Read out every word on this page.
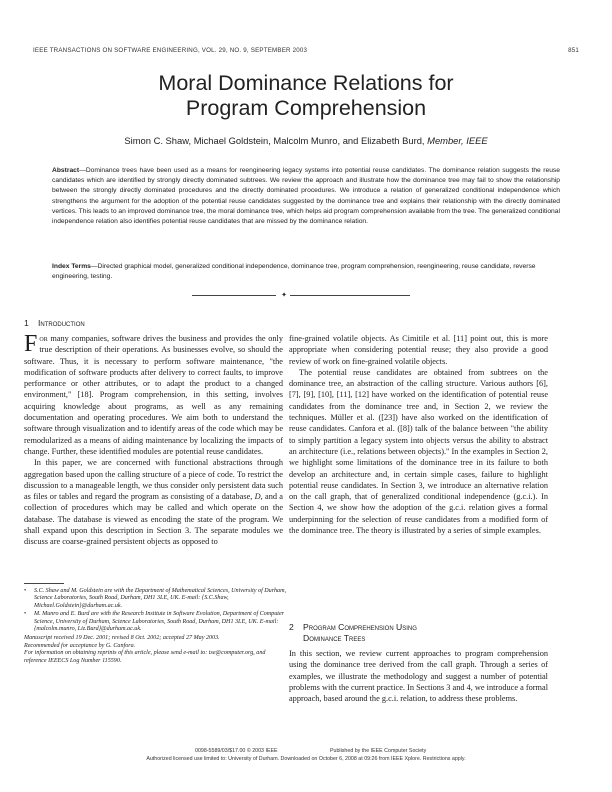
IEEE TRANSACTIONS ON SOFTWARE ENGINEERING, VOL. 29, NO. 9, SEPTEMBER 2003	851
Moral Dominance Relations for
Program Comprehension
Simon C. Shaw, Michael Goldstein, Malcolm Munro, and Elizabeth Burd, Member, IEEE
Abstract—Dominance trees have been used as a means for reengineering legacy systems into potential reuse candidates. The dominance relation suggests the reuse candidates which are identified by strongly directly dominated subtrees. We review the approach and illustrate how the dominance tree may fail to show the relationship between the strongly directly dominated procedures and the directly dominated procedures. We introduce a relation of generalized conditional independence which strengthens the argument for the adoption of the potential reuse candidates suggested by the dominance tree and explains their relationship with the directly dominated vertices. This leads to an improved dominance tree, the moral dominance tree, which helps aid program comprehension available from the tree. The generalized conditional independence relation also identifies potential reuse candidates that are missed by the dominance relation.
Index Terms—Directed graphical model, generalized conditional independence, dominance tree, program comprehension, reengineering, reuse candidate, reverse engineering, testing.
✦
1 Introduction

For many companies, software drives the business and provides the only true description of their operations. As businesses evolve, so should the software. Thus, it is necessary to perform software maintenance, "the modification of software products after delivery to correct faults, to improve performance or other attributes, or to adapt the product to a changed environment," [18]. Program comprehension, in this setting, involves acquiring knowledge about programs, as well as any remaining documentation and operating procedures. We aim both to understand the software through visualization and to identify areas of the code which may be remodularized as a means of aiding maintenance by localizing the impacts of change. Further, these identified modules are potential reuse candidates.

In this paper, we are concerned with functional abstractions through aggregation based upon the calling structure of a piece of code. To restrict the discussion to a manageable length, we thus consider only persistent data such as files or tables and regard the program as consisting of a database, D, and a collection of procedures which may be called and which operate on the database. The database is viewed as encoding the state of the program. We shall expand upon this description in Section 3. The separate modules we discuss are coarse-grained persistent objects as opposed to

• S.C. Shaw and M. Goldstein are with the Department of Mathematical Sciences, University of Durham, Science Laboratories, South Road, Durham, DH1 3LE, UK. E-mail: {S.C.Shaw, Michael.Goldstein}@durham.ac.uk.
• M. Munro and E. Burd are with the Research Institute in Software Evolution, Department of Computer Science, University of Durham, Science Laboratories, South Road, Durham, DH1 3LE, UK. E-mail: {malcolm.munro, Liz.Burd}@durham.ac.uk.
Manuscript received 19 Dec. 2001; revised 8 Oct. 2002; accepted 27 May 2003.
Recommended for acceptance by G. Canfora.
For information on obtaining reprints of this article, please send e-mail to: tse@computer.org, and reference IEEECS Log Number 115590.

fine-grained volatile objects. As Cimitile et al. [11] point out, this is more appropriate when considering potential reuse; they also provide a good review of work on fine-grained volatile objects.

The potential reuse candidates are obtained from subtrees on the dominance tree, an abstraction of the calling structure. Various authors [6], [7], [9], [10], [11], [12] have worked on the identification of potential reuse candidates from the dominance tree and, in Section 2, we review the techniques. Müller et al. ([23]) have also worked on the identification of reuse candidates. Canfora et al. ([8]) talk of the balance between "the ability to simply partition a legacy system into objects versus the ability to abstract an architecture (i.e., relations between objects)." In the examples in Section 2, we highlight some limitations of the dominance tree in its failure to both develop an architecture and, in certain simple cases, failure to highlight potential reuse candidates. In Section 3, we introduce an alternative relation on the call graph, that of generalized conditional independence (g.c.i.). In Section 4, we show how the adoption of the g.c.i. relation gives a formal underpinning for the selection of reuse candidates from a modified form of the dominance tree. The theory is illustrated by a series of simple examples.

2 Program Comprehension Using
Dominance Trees

In this section, we review current approaches to program comprehension using the dominance tree derived from the call graph. Through a series of examples, we illustrate the methodology and suggest a number of potential problems with the current practice. In Sections 3 and 4, we introduce a formal approach, based around the g.c.i. relation, to address these problems.

0098-5589/03/$17.00 © 2003 IEEE	Published by the IEEE Computer Society
Authorized licensed use limited to: University of Durham. Downloaded on October 6, 2008 at 09:26 from IEEE Xplore. Restrictions apply.
